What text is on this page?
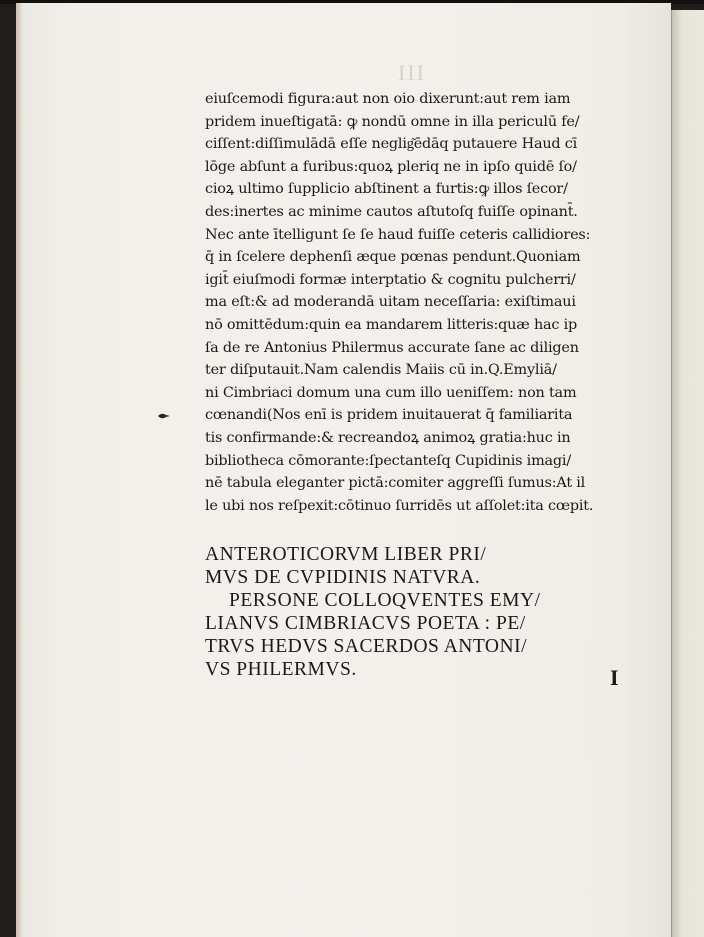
III
eiuſcemodi figura:aut non oio dixerunt:aut rem iam
pridem inueſtigatā: ꝙ nondū omne in illa periculū fe/
ciſſent:diſſimulādā eſſe neglig͂ēdāq putauere Haud cī
lōge abſunt a furibus:quoꝝ pleriq ne in ipſo quidē ſo/
cioꝝ ultimo ſupplicio abſtinent a furtis:ꝙ illos ſecor/
des:inertes ac minime cautos aſtutoſq fuiſſe opinant̄.
Nec ante ītelligunt ſe ſe haud fuiſſe ceteris callidiores:
q̄ in ſcelere dephenſi æque pœnas pendunt.Quoniam
igit̄ eiuſmodi formæ interptatio & cognitu pulcherri/
ma eſt:& ad moderandā uitam neceſſaria: exiſtimaui
nō omittēdum:quin ea mandarem litteris:quæ hac ip
ſa de re Antonius Philermus accurate ſane ac diligen
ter diſputauit.Nam calendis Maiis cū in.Q.Emyliā/
ni Cimbriaci domum una cum illo ueniſſem: non tam
cœnandi(Nos enī is pridem inuitauerat q̄ familiarita
tis confirmande:& recreandoꝝ animoꝝ gratia:huc in
bibliotheca cōmorante:ſpectanteſq Cupidinis imagi/
nē tabula eleganter pictā:comiter aggreſſi ſumus:At il
le ubi nos reſpexit:cōtinuo ſurridēs ut aſſolet:ita cœpit.
ANTEROTICORVM LIBER PRI/
MVS DE CVPIDINIS NATVRA.
PERSONE COLLOQVENTES EMY/
LIANVS CIMBRIACVS POETA : PE/
TRVS HEDVS SACERDOS ANTONI/
VS PHILERMVS.	I
